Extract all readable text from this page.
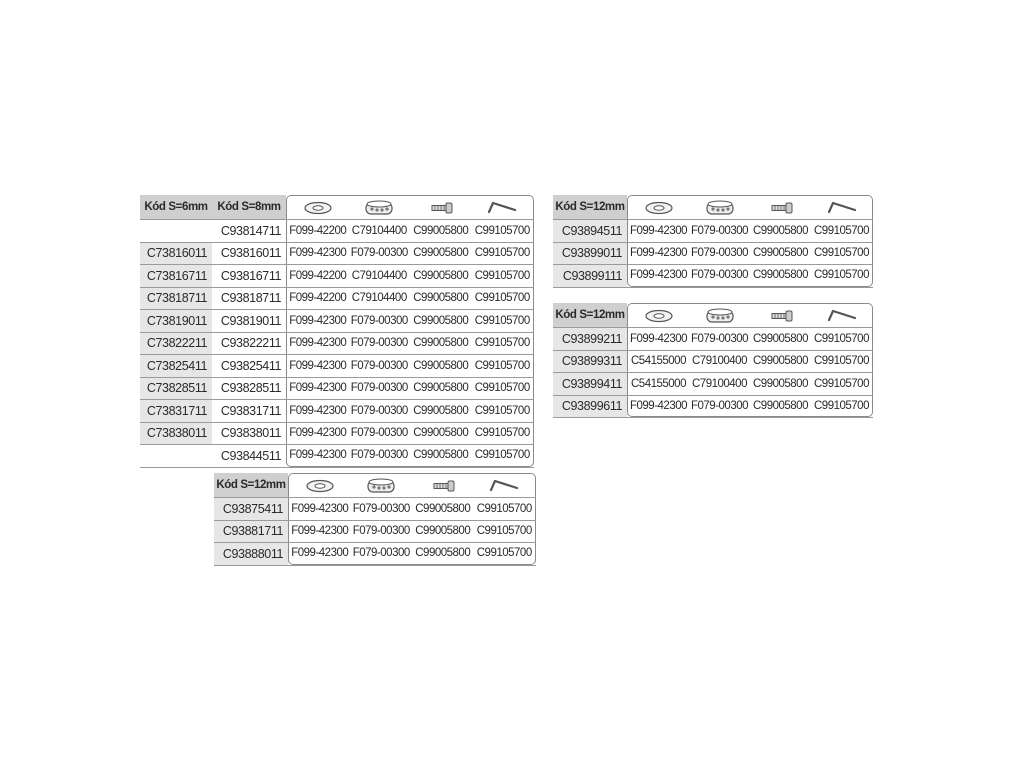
Kód S=6mm Kód S=8mm
C93814711 F099-42200 C79104400 C99005800 C99105700
C73816011	C93816011 F099-42300 F079-00300 C99005800 C99105700
C73816711	C93816711 F099-42200 C79104400 C99005800 C99105700
C73818711	C93818711 F099-42200 C79104400 C99005800 C99105700
C73819011	C93819011 F099-42300 F079-00300 C99005800 C99105700
C73822211	C93822211 F099-42300 F079-00300 C99005800 C99105700
C73825411	C93825411 F099-42300 F079-00300 C99005800 C99105700
C73828511	C93828511 F099-42300 F079-00300 C99005800 C99105700
C73831711	C93831711 F099-42300 F079-00300 C99005800 C99105700
C73838011	C93838011 F099-42300 F079-00300 C99005800 C99105700
C93844511 F099-42300 F079-00300 C99005800 C99105700
Kód S=12mm
C93875411 F099-42300 F079-00300 C99005800 C99105700
C93881711 F099-42300 F079-00300 C99005800 C99105700
C93888011 F099-42300 F079-00300 C99005800 C99105700
Kód S=12mm
C93894511 F099-42300 F079-00300 C99005800 C99105700
C93899011 F099-42300 F079-00300 C99005800 C99105700
C93899111 F099-42300 F079-00300 C99005800 C99105700
Kód S=12mm
C93899211 F099-42300 F079-00300 C99005800 C99105700
C93899311 C54155000 C79100400 C99005800 C99105700
C93899411 C54155000 C79100400 C99005800 C99105700
C93899611 F099-42300 F079-00300 C99005800 C99105700
